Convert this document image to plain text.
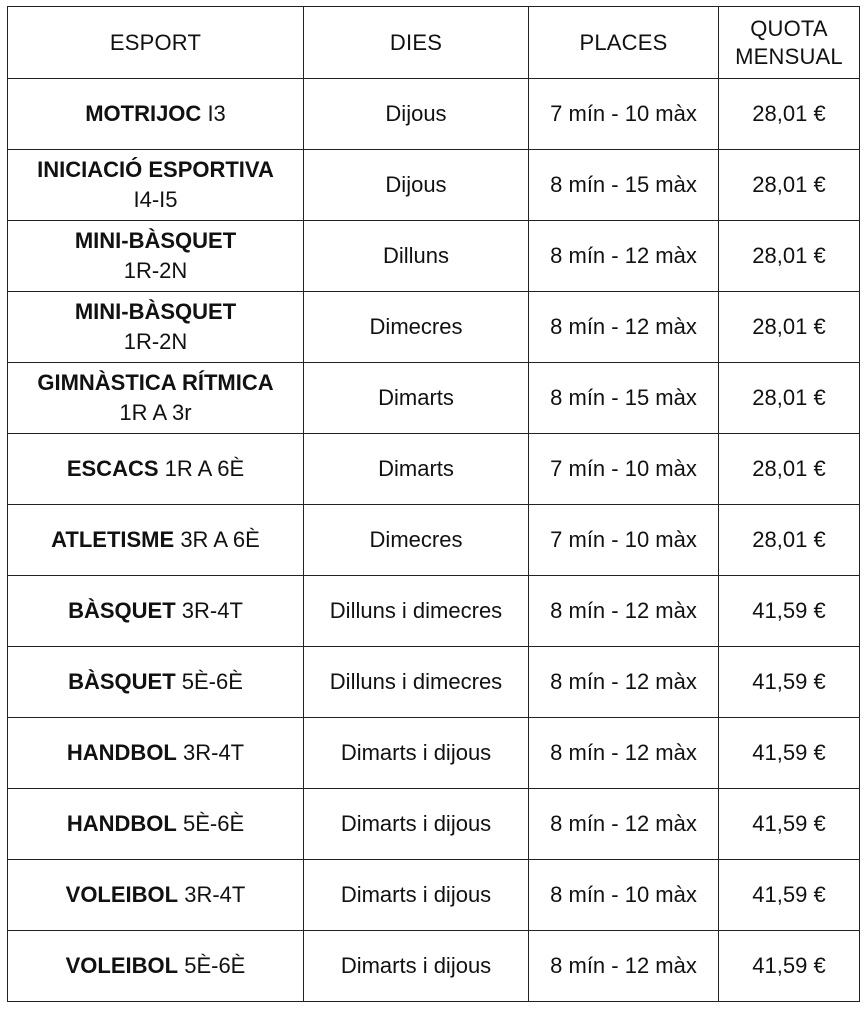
ESPORT	DIES	PLACES	QUOTA
MENSUAL

MOTRIJOC I3	Dijous	7 mín - 10 màx	28,01 €
INICIACIÓ ESPORTIVA
I4-I5	Dijous	8 mín - 15 màx	28,01 €
MINI-BÀSQUET
1R-2N	Dilluns	8 mín - 12 màx	28,01 €
MINI-BÀSQUET
1R-2N	Dimecres	8 mín - 12 màx	28,01 €
GIMNÀSTICA RÍTMICA
1R A 3r	Dimarts	8 mín - 15 màx	28,01 €
ESCACS 1R A 6È	Dimarts	7 mín - 10 màx	28,01 €
ATLETISME 3R A 6È	Dimecres	7 mín - 10 màx	28,01 €
BÀSQUET 3R-4T	Dilluns i dimecres	8 mín - 12 màx	41,59 €
BÀSQUET 5È-6È	Dilluns i dimecres	8 mín - 12 màx	41,59 €
HANDBOL 3R-4T	Dimarts i dijous	8 mín - 12 màx	41,59 €
HANDBOL 5È-6È	Dimarts i dijous	8 mín - 12 màx	41,59 €
VOLEIBOL 3R-4T	Dimarts i dijous	8 mín - 10 màx	41,59 €
VOLEIBOL 5È-6È	Dimarts i dijous	8 mín - 12 màx	41,59 €
